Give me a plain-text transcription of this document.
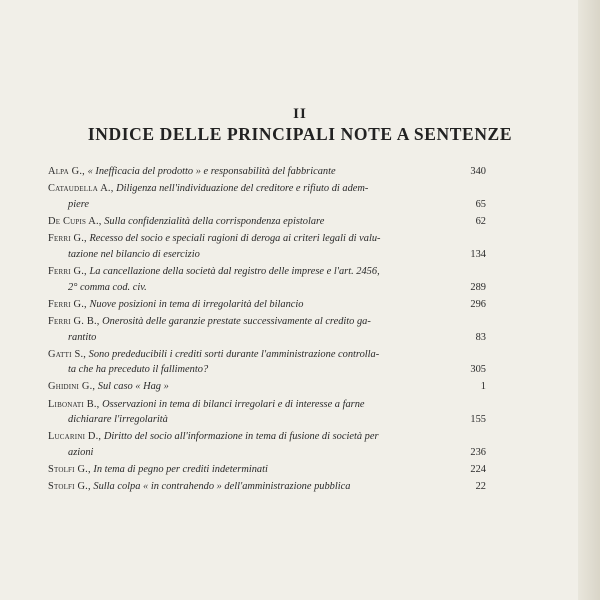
II
INDICE DELLE PRINCIPALI NOTE A SENTENZE
Alpa G., « Inefficacia del prodotto » e responsabilità del fabbricante	340
Cataudella A., Diligenza nell'individuazione del creditore e rifiuto di adem-
piere	65
De Cupis A., Sulla confidenzialità della corrispondenza epistolare	62
Ferri G., Recesso del socio e speciali ragioni di deroga ai criteri legali di valu-
tazione nel bilancio di esercizio	134
Ferri G., La cancellazione della società dal registro delle imprese e l'art. 2456,
2° comma cod. civ.	289
Ferri G., Nuove posizioni in tema di irregolarità del bilancio	296
Ferri G. B., Onerosità delle garanzie prestate successivamente al credito ga-
rantito	83
Gatti S., Sono prededucibili i crediti sorti durante l'amministrazione controlla-
ta che ha preceduto il fallimento?	305
Ghidini G., Sul caso « Hag »	1
Libonati B., Osservazioni in tema di bilanci irregolari e di interesse a farne
dichiarare l'irregolarità	155
Lucarini D., Diritto del socio all'informazione in tema di fusione di società per
azioni	236
Stolfi G., In tema di pegno per crediti indeterminati	224
Stolfi G., Sulla colpa « in contrahendo » dell'amministrazione pubblica	22
